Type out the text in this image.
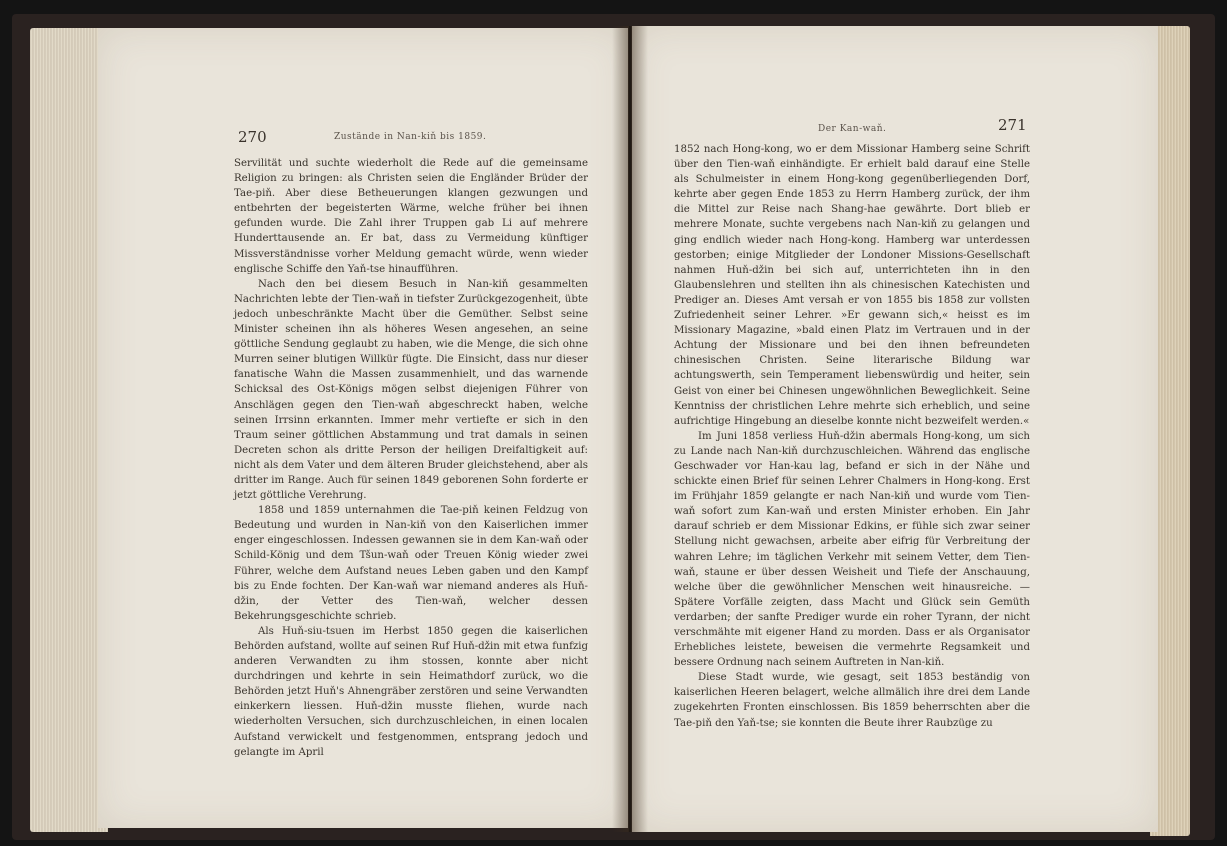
270	Zustände in Nan-kiň bis 1859.

Servilität und suchte wiederholt die Rede auf die gemeinsame Religion zu bringen: als Christen seien die Engländer Brüder der Tae-piň. Aber diese Betheuerungen klangen gezwungen und entbehrten der begeisterten Wärme, welche früher bei ihnen gefunden wurde. Die Zahl ihrer Truppen gab Li auf mehrere Hunderttausende an. Er bat, dass zu Vermeidung künftiger Missverständnisse vorher Meldung gemacht würde, wenn wieder englische Schiffe den Yaň-tse hinaufführen.

Nach den bei diesem Besuch in Nan-kiň gesammelten Nachrichten lebte der Tien-waň in tiefster Zurückgezogenheit, übte jedoch unbeschränkte Macht über die Gemüther. Selbst seine Minister scheinen ihn als höheres Wesen angesehen, an seine göttliche Sendung geglaubt zu haben, wie die Menge, die sich ohne Murren seiner blutigen Willkür fügte. Die Einsicht, dass nur dieser fanatische Wahn die Massen zusammenhielt, und das warnende Schicksal des Ost-Königs mögen selbst diejenigen Führer von Anschlägen gegen den Tien-waň abgeschreckt haben, welche seinen Irrsinn erkannten. Immer mehr vertiefte er sich in den Traum seiner göttlichen Abstammung und trat damals in seinen Decreten schon als dritte Person der heiligen Dreifaltigkeit auf: nicht als dem Vater und dem älteren Bruder gleichstehend, aber als dritter im Range. Auch für seinen 1849 geborenen Sohn forderte er jetzt göttliche Verehrung.

1858 und 1859 unternahmen die Tae-piň keinen Feldzug von Bedeutung und wurden in Nan-kiň von den Kaiserlichen immer enger eingeschlossen. Indessen gewannen sie in dem Kan-waň oder Schild-König und dem Tšun-waň oder Treuen König wieder zwei Führer, welche dem Aufstand neues Leben gaben und den Kampf bis zu Ende fochten. Der Kan-waň war niemand anderes als Huň-džin, der Vetter des Tien-waň, welcher dessen Bekehrungsgeschichte schrieb.

Als Huň-siu-tsuen im Herbst 1850 gegen die kaiserlichen Behörden aufstand, wollte auf seinen Ruf Huň-džin mit etwa funfzig anderen Verwandten zu ihm stossen, konnte aber nicht durchdringen und kehrte in sein Heimathdorf zurück, wo die Behörden jetzt Huň's Ahnengräber zerstören und seine Verwandten einkerkern liessen. Huň-džin musste fliehen, wurde nach wiederholten Versuchen, sich durchzuschleichen, in einen localen Aufstand verwickelt und festgenommen, entsprang jedoch und gelangte im April

Der Kan-waň.	271

1852 nach Hong-kong, wo er dem Missionar Hamberg seine Schrift über den Tien-waň einhändigte. Er erhielt bald darauf eine Stelle als Schulmeister in einem Hong-kong gegenüberliegenden Dorf, kehrte aber gegen Ende 1853 zu Herrn Hamberg zurück, der ihm die Mittel zur Reise nach Shang-hae gewährte. Dort blieb er mehrere Monate, suchte vergebens nach Nan-kiň zu gelangen und ging endlich wieder nach Hong-kong. Hamberg war unterdessen gestorben; einige Mitglieder der Londoner Missions-Gesellschaft nahmen Huň-džin bei sich auf, unterrichteten ihn in den Glaubenslehren und stellten ihn als chinesischen Katechisten und Prediger an. Dieses Amt versah er von 1855 bis 1858 zur vollsten Zufriedenheit seiner Lehrer. »Er gewann sich,« heisst es im Missionary Magazine, »bald einen Platz im Vertrauen und in der Achtung der Missionare und bei den ihnen befreundeten chinesischen Christen. Seine literarische Bildung war achtungswerth, sein Temperament liebenswürdig und heiter, sein Geist von einer bei Chinesen ungewöhnlichen Beweglichkeit. Seine Kenntniss der christlichen Lehre mehrte sich erheblich, und seine aufrichtige Hingebung an dieselbe konnte nicht bezweifelt werden.«

Im Juni 1858 verliess Huň-džin abermals Hong-kong, um sich zu Lande nach Nan-kiň durchzuschleichen. Während das englische Geschwader vor Han-kau lag, befand er sich in der Nähe und schickte einen Brief für seinen Lehrer Chalmers in Hong-kong. Erst im Frühjahr 1859 gelangte er nach Nan-kiň und wurde vom Tien-waň sofort zum Kan-waň und ersten Minister erhoben. Ein Jahr darauf schrieb er dem Missionar Edkins, er fühle sich zwar seiner Stellung nicht gewachsen, arbeite aber eifrig für Verbreitung der wahren Lehre; im täglichen Verkehr mit seinem Vetter, dem Tien-waň, staune er über dessen Weisheit und Tiefe der Anschauung, welche über die gewöhnlicher Menschen weit hinausreiche. — Spätere Vorfälle zeigten, dass Macht und Glück sein Gemüth verdarben; der sanfte Prediger wurde ein roher Tyrann, der nicht verschmähte mit eigener Hand zu morden. Dass er als Organisator Erhebliches leistete, beweisen die vermehrte Regsamkeit und bessere Ordnung nach seinem Auftreten in Nan-kiň.

Diese Stadt wurde, wie gesagt, seit 1853 beständig von kaiserlichen Heeren belagert, welche allmälich ihre drei dem Lande zugekehrten Fronten einschlossen. Bis 1859 beherrschten aber die Tae-piň den Yaň-tse; sie konnten die Beute ihrer Raubzüge zu
